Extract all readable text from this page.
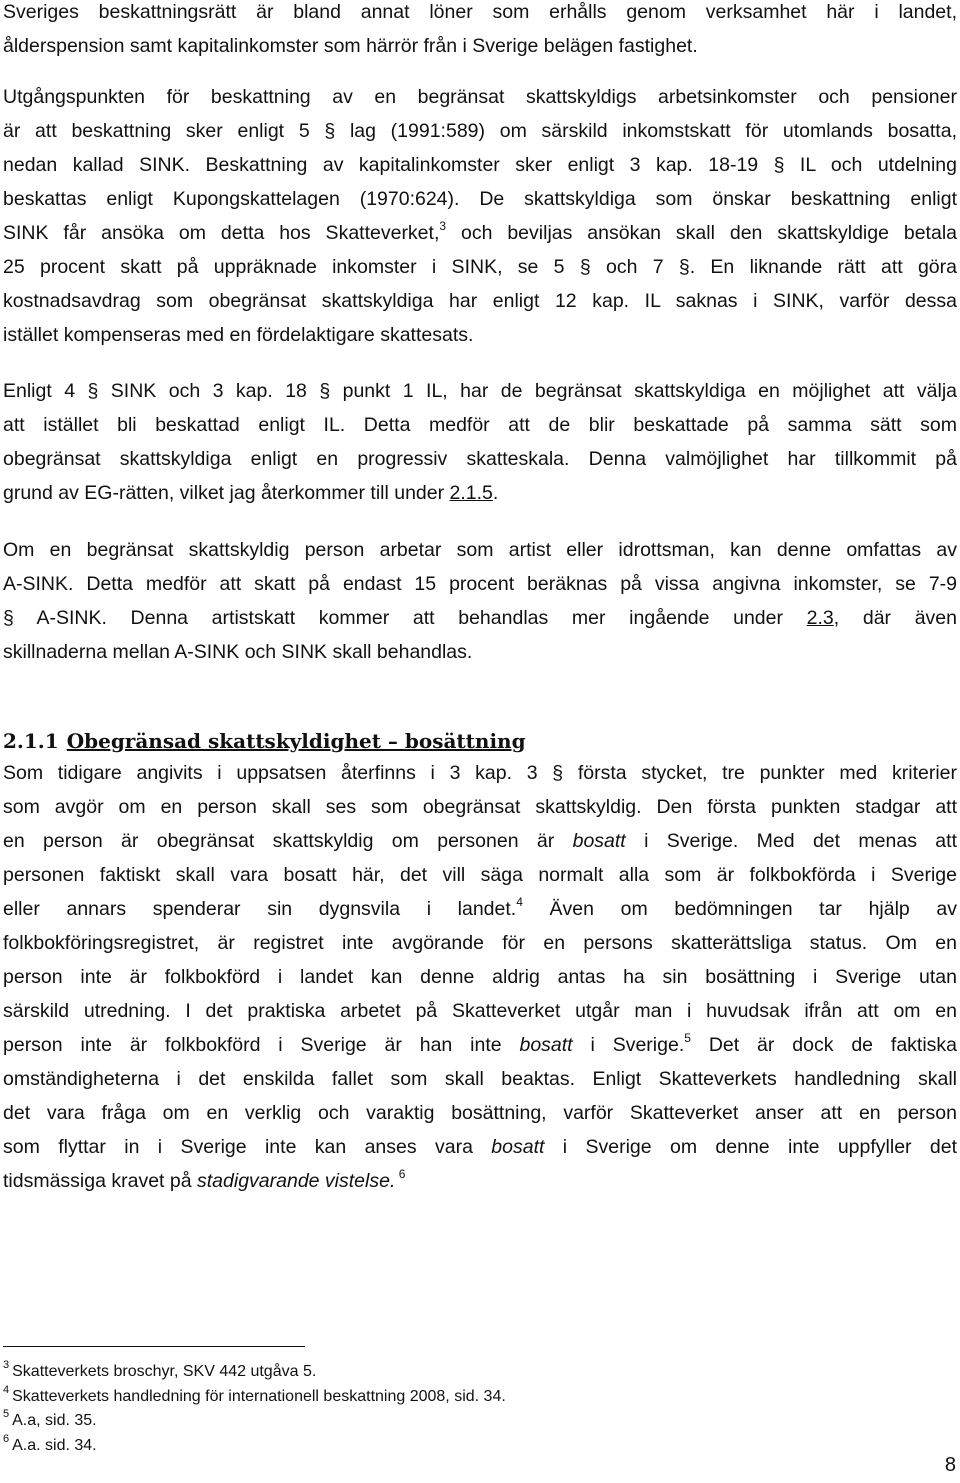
Sveriges beskattningsrätt är bland annat löner som erhålls genom verksamhet här i landet,
ålderspension samt kapitalinkomster som härrör från i Sverige belägen fastighet.
Utgångspunkten för beskattning av en begränsat skattskyldigs arbetsinkomster och pensioner
är att beskattning sker enligt 5 § lag (1991:589) om särskild inkomstskatt för utomlands bosatta,
nedan kallad SINK. Beskattning av kapitalinkomster sker enligt 3 kap. 18-19 § IL och utdelning
beskattas enligt Kupongskattelagen (1970:624). De skattskyldiga som önskar beskattning enligt
SINK får ansöka om detta hos Skatteverket,$^3$ och beviljas ansökan skall den skattskyldige betala
25 procent skatt på uppräknade inkomster i SINK, se 5 § och 7 §. En liknande rätt att göra
kostnadsavdrag som obegränsat skattskyldiga har enligt 12 kap. IL saknas i SINK, varför dessa
istället kompenseras med en fördelaktigare skattesats.
Enligt 4 § SINK och 3 kap. 18 § punkt 1 IL, har de begränsat skattskyldiga en möjlighet att välja
att istället bli beskattad enligt IL. Detta medför att de blir beskattade på samma sätt som
obegränsat skattskyldiga enligt en progressiv skatteskala. Denna valmöjlighet har tillkommit på
grund av EG-rätten, vilket jag återkommer till under 2.1.5.
Om en begränsat skattskyldig person arbetar som artist eller idrottsman, kan denne omfattas av
A-SINK. Detta medför att skatt på endast 15 procent beräknas på vissa angivna inkomster, se 7-9
§ A-SINK. Denna artistskatt kommer att behandlas mer ingående under 2.3, där även
skillnaderna mellan A-SINK och SINK skall behandlas.
2.1.1 Obegränsad skattskyldighet – bosättning
Som tidigare angivits i uppsatsen återfinns i 3 kap. 3 § första stycket, tre punkter med kriterier
som avgör om en person skall ses som obegränsat skattskyldig. Den första punkten stadgar att
en person är obegränsat skattskyldig om personen är bosatt i Sverige. Med det menas att
personen faktiskt skall vara bosatt här, det vill säga normalt alla som är folkbokförda i Sverige
eller annars spenderar sin dygnsvila i landet.$^4$ Även om bedömningen tar hjälp av
folkbokföringsregistret, är registret inte avgörande för en persons skatterättsliga status. Om en
person inte är folkbokförd i landet kan denne aldrig antas ha sin bosättning i Sverige utan
särskild utredning. I det praktiska arbetet på Skatteverket utgår man i huvudsak ifrån att om en
person inte är folkbokförd i Sverige är han inte bosatt i Sverige.$^5$ Det är dock de faktiska
omständigheterna i det enskilda fallet som skall beaktas. Enligt Skatteverkets handledning skall
det vara fråga om en verklig och varaktig bosättning, varför Skatteverket anser att en person
som flyttar in i Sverige inte kan anses vara bosatt i Sverige om denne inte uppfyller det
tidsmässiga kravet på stadigvarande vistelse. $^6$
$^3$ Skatteverkets broschyr, SKV 442 utgåva 5.
$^4$ Skatteverkets handledning för internationell beskattning 2008, sid. 34.
$^5$ A.a, sid. 35.
$^6$ A.a. sid. 34.
8
